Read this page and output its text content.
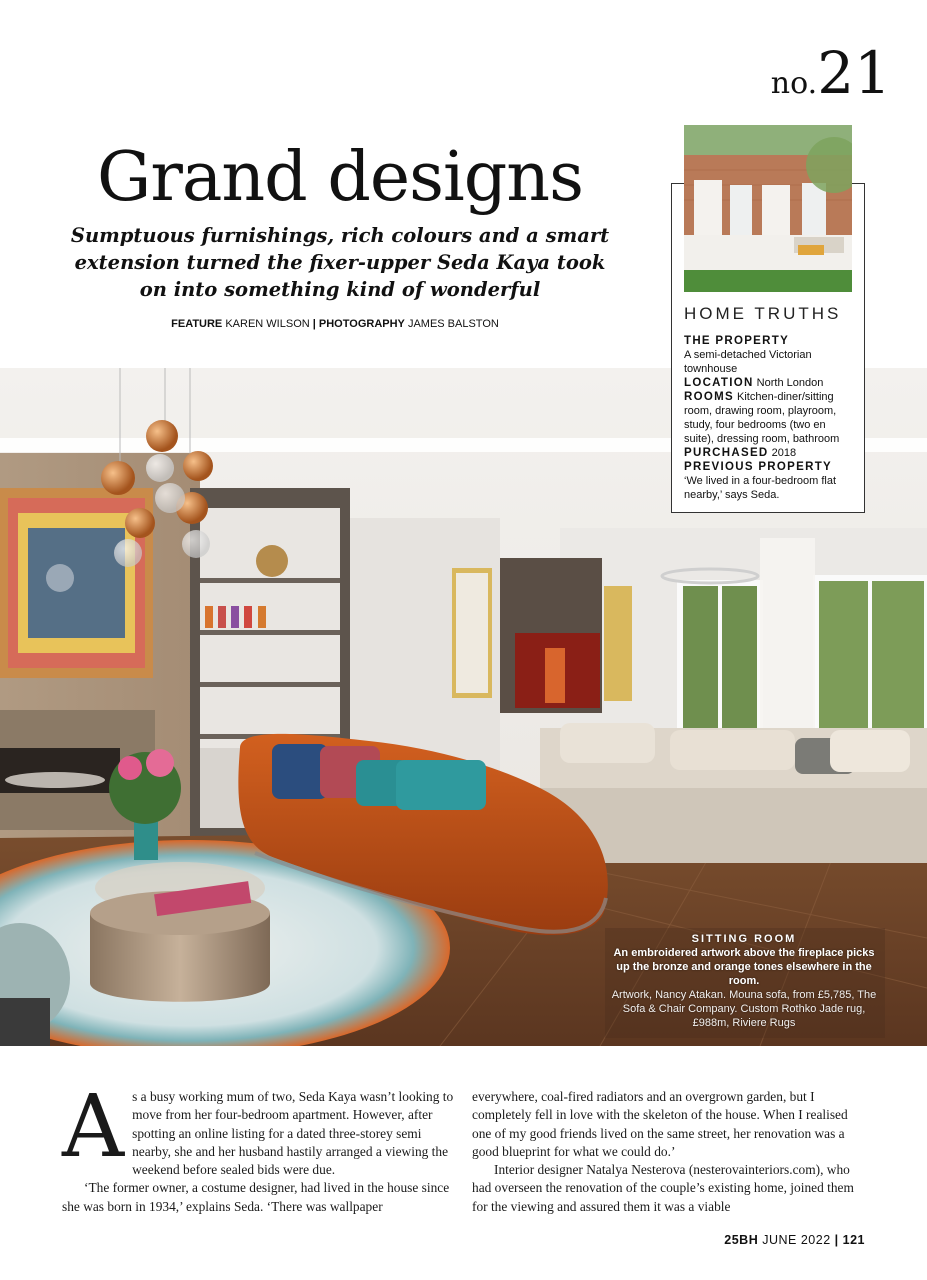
no. 21
Grand designs

Sumptuous furnishings, rich colours and a smart extension turned the fixer-upper Seda Kaya took on into something kind of wonderful

FEATURE KAREN WILSON | PHOTOGRAPHY JAMES BALSTON
HOME TRUTHS
THE PROPERTY
A semi-detached Victorian townhouse
LOCATION North London
ROOMS Kitchen-diner/sitting room, drawing room, playroom, study, four bedrooms (two en suite), dressing room, bathroom
PURCHASED 2018
PREVIOUS PROPERTY
‘We lived in a four-bedroom flat nearby,’ says Seda.
SITTING ROOM
An embroidered artwork above the fireplace picks up the bronze and orange tones elsewhere in the room.
Artwork, Nancy Atakan. Mouna sofa, from £5,785, The Sofa & Chair Company. Custom Rothko Jade rug, £988m, Riviere Rugs
A s a busy working mum of two, Seda Kaya wasn’t looking to move from her four-bedroom apartment. However, after spotting an online listing for a dated three-storey semi nearby, she and her husband hastily arranged a viewing the weekend before sealed bids were due.

‘The former owner, a costume designer, had lived in the house since she was born in 1934,’ explains Seda. ‘There was wallpaper

everywhere, coal-fired radiators and an overgrown garden, but I completely fell in love with the skeleton of the house. When I realised one of my good friends lived on the same street, her renovation was a good blueprint for what we could do.’

Interior designer Natalya Nesterova (nesterovainteriors.com), who had overseen the renovation of the couple’s existing home, joined them for the viewing and assured them it was a viable

25BH JUNE 2022 | 121
